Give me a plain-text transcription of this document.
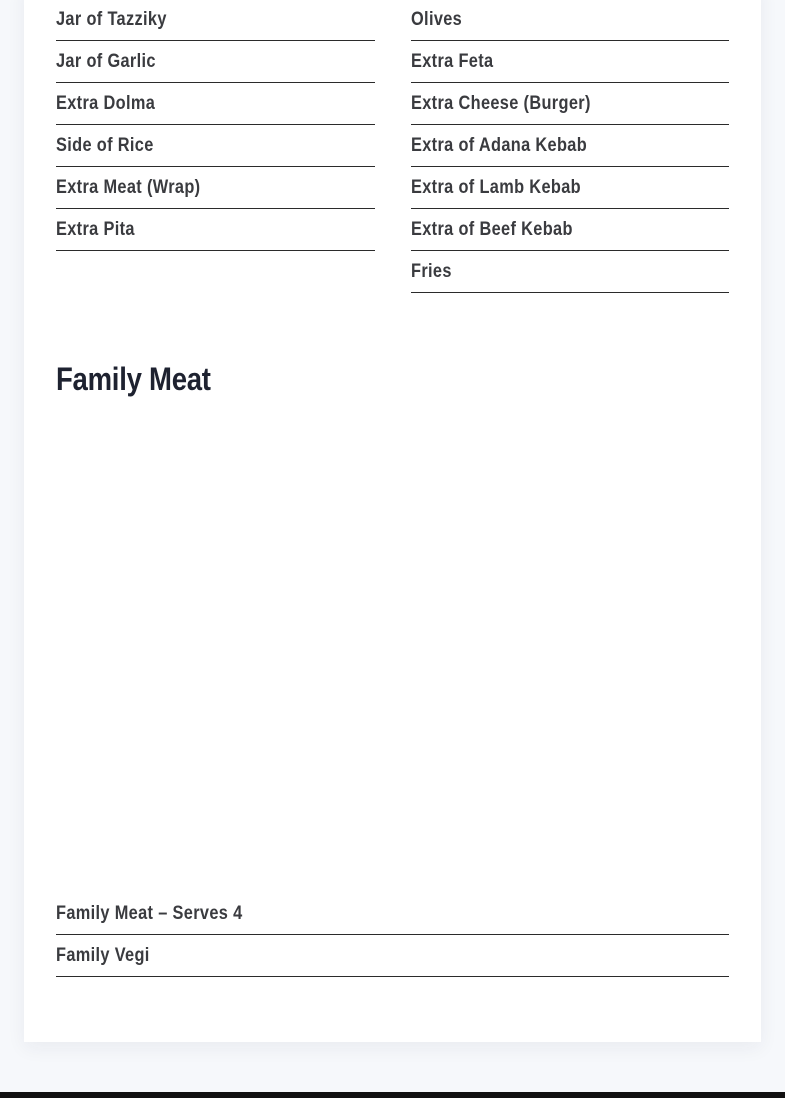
Jar of Tazziky
Jar of Garlic
Extra Dolma
Side of Rice
Extra Meat (Wrap)
Extra Pita
Olives
Extra Feta
Extra Cheese (Burger)
Extra of Adana Kebab
Extra of Lamb Kebab
Extra of Beef Kebab
Fries
Family Meat
Family Meat – Serves 4
Family Vegi
